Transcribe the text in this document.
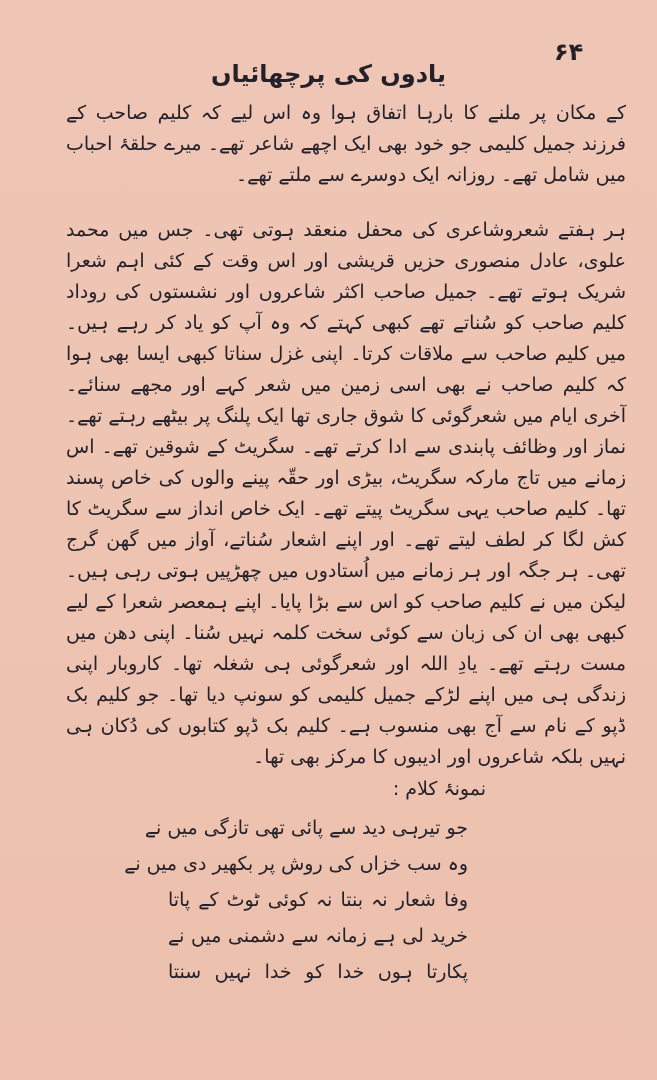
۶۴
یادوں کی پرچھائیاں

کے مکان پر ملنے کا بارہا اتفاق ہوا وہ اس لیے کہ کلیم صاحب کے فرزند جمیل کلیمی جو خود بھی ایک اچھے شاعر تھے۔ میرے حلقۂ احباب میں شامل تھے۔ روزانہ ایک دوسرے سے ملتے تھے۔

ہر ہفتے شعروشاعری کی محفل منعقد ہوتی تھی۔ جس میں محمد علوی، عادل منصوری حزیں قریشی اور اس وقت کے کئی اہم شعرا شریک ہوتے تھے۔ جمیل صاحب اکثر شاعروں اور نشستوں کی روداد کلیم صاحب کو سُناتے تھے کبھی کہتے کہ وہ آپ کو یاد کر رہے ہیں۔ میں کلیم صاحب سے ملاقات کرتا۔ اپنی غزل سناتا کبھی ایسا بھی ہوا کہ کلیم صاحب نے بھی اسی زمین میں شعر کہے اور مجھے سنائے۔ آخری ایام میں شعرگوئی کا شوق جاری تھا ایک پلنگ پر بیٹھے رہتے تھے۔ نماز اور وظائف پابندی سے ادا کرتے تھے۔ سگریٹ کے شوقین تھے۔ اس زمانے میں تاج مارکہ سگریٹ، بیڑی اور حقّہ پینے والوں کی خاص پسند تھا۔ کلیم صاحب یہی سگریٹ پیتے تھے۔ ایک خاص انداز سے سگریٹ کا کش لگا کر لطف لیتے تھے۔ اور اپنے اشعار سُناتے، آواز میں گھن گرج تھی۔ ہر جگہ اور ہر زمانے میں اُستادوں میں چھڑپیں ہوتی رہی ہیں۔ لیکن میں نے کلیم صاحب کو اس سے بڑا پایا۔ اپنے ہمعصر شعرا کے لیے کبھی بھی ان کی زبان سے کوئی سخت کلمہ نہیں سُنا۔ اپنی دھن میں مست رہتے تھے۔ یادِ اللہ اور شعرگوئی ہی شغلہ تھا۔ کاروبار اپنی زندگی ہی میں اپنے لڑکے جمیل کلیمی کو سونپ دیا تھا۔ جو کلیم بک ڈپو کے نام سے آج بھی منسوب ہے۔ کلیم بک ڈپو کتابوں کی دُکان ہی نہیں بلکہ شاعروں اور ادیبوں کا مرکز بھی تھا۔

نمونۂ کلام :
جو تیرہی دید سے پائی تھی تازگی میں نے
وہ سب خزاں کی روش پر بکھیر دی میں نے
وفا شعار نہ بنتا نہ کوئی ٹوٹ کے پاتا
خرید لی ہے زمانہ سے دشمنی میں نے
پکارتا ہوں خدا کو خدا نہیں سنتا
